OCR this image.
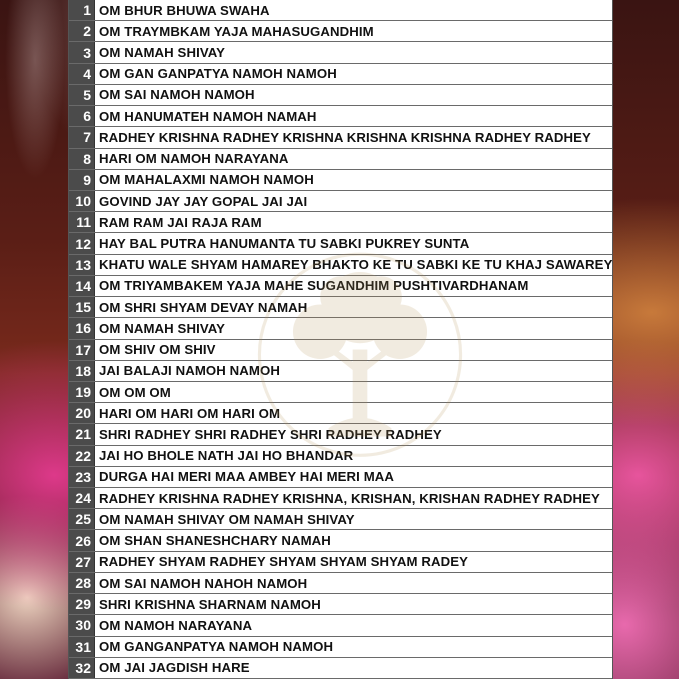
1 OM BHUR BHUWA SWAHA
2 OM TRAYMBKAM YAJA MAHASUGANDHIM
3 OM NAMAH SHIVAY
4 OM GAN GANPATYA NAMOH NAMOH
5 OM SAI NAMOH NAMOH
6 OM HANUMATEH NAMOH NAMAH
7 RADHEY KRISHNA RADHEY KRISHNA KRISHNA KRISHNA RADHEY RADHEY
8 HARI OM NAMOH NARAYANA
9 OM MAHALAXMI NAMOH NAMOH
10 GOVIND JAY JAY GOPAL JAI JAI
11 RAM RAM JAI RAJA RAM
12 HAY BAL PUTRA HANUMANTA TU SABKI PUKREY SUNTA
13 KHATU WALE SHYAM HAMAREY BHAKTO KE TU SABKI KE TU KHAJ SAWAREY
14 OM TRIYAMBAKEM YAJA MAHE SUGANDHIM PUSHTIVARDHANAM
15 OM SHRI SHYAM DEVAY NAMAH
16 OM NAMAH SHIVAY
17 OM SHIV OM SHIV
18 JAI BALAJI NAMOH NAMOH
19 OM OM OM
20 HARI OM HARI OM HARI OM
21 SHRI RADHEY SHRI RADHEY SHRI RADHEY RADHEY
22 JAI HO BHOLE NATH JAI HO BHANDAR
23 DURGA HAI MERI MAA AMBEY HAI MERI MAA
24 RADHEY KRISHNA RADHEY KRISHNA, KRISHAN, KRISHAN RADHEY RADHEY
25 OM NAMAH SHIVAY OM NAMAH SHIVAY
26 OM SHAN SHANESHCHARY NAMAH
27 RADHEY SHYAM RADHEY SHYAM SHYAM SHYAM RADEY
28 OM SAI NAMOH NAHOH NAMOH
29 SHRI KRISHNA SHARNAM NAMOH
30 OM NAMOH NARAYANA
31 OM GANGANPATYA NAMOH NAMOH
32 OM JAI JAGDISH HARE
